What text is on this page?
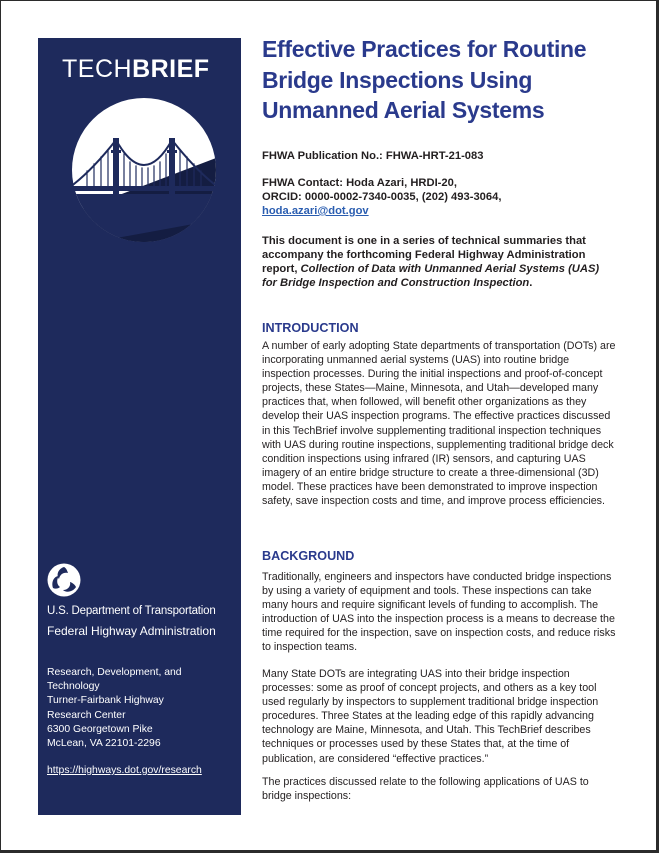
TECHBRIEF
U.S. Department of Transportation
Federal Highway Administration
Research, Development, and
Technology
Turner-Fairbank Highway
Research Center
6300 Georgetown Pike
McLean, VA 22101-2296
https://highways.dot.gov/research
Effective Practices for Routine
Bridge Inspections Using
Unmanned Aerial Systems
FHWA Publication No.: FHWA-HRT-21-083
FHWA Contact: Hoda Azari, HRDI-20,
ORCID: 0000-0002-7340-0035, (202) 493-3064,
hoda.azari@dot.gov
This document is one in a series of technical summaries that accompany the forthcoming Federal Highway Administration report, Collection of Data with Unmanned Aerial Systems (UAS) for Bridge Inspection and Construction Inspection.
INTRODUCTION

A number of early adopting State departments of transportation (DOTs) are incorporating unmanned aerial systems (UAS) into routine bridge inspection processes. During the initial inspections and proof-of-concept projects, these States—Maine, Minnesota, and Utah—developed many practices that, when followed, will benefit other organizations as they develop their UAS inspection programs. The effective practices discussed in this TechBrief involve supplementing traditional inspection techniques with UAS during routine inspections, supplementing traditional bridge deck condition inspections using infrared (IR) sensors, and capturing UAS imagery of an entire bridge structure to create a three-dimensional (3D) model. These practices have been demonstrated to improve inspection safety, save inspection costs and time, and improve process efficiencies.

BACKGROUND

Traditionally, engineers and inspectors have conducted bridge inspections by using a variety of equipment and tools. These inspections can take many hours and require significant levels of funding to accomplish. The introduction of UAS into the inspection process is a means to decrease the time required for the inspection, save on inspection costs, and reduce risks to inspection teams.

Many State DOTs are integrating UAS into their bridge inspection processes: some as proof of concept projects, and others as a key tool used regularly by inspectors to supplement traditional bridge inspection procedures. Three States at the leading edge of this rapidly advancing technology are Maine, Minnesota, and Utah. This TechBrief describes techniques or processes used by these States that, at the time of publication, are considered “effective practices.”

The practices discussed relate to the following applications of UAS to bridge inspections:
